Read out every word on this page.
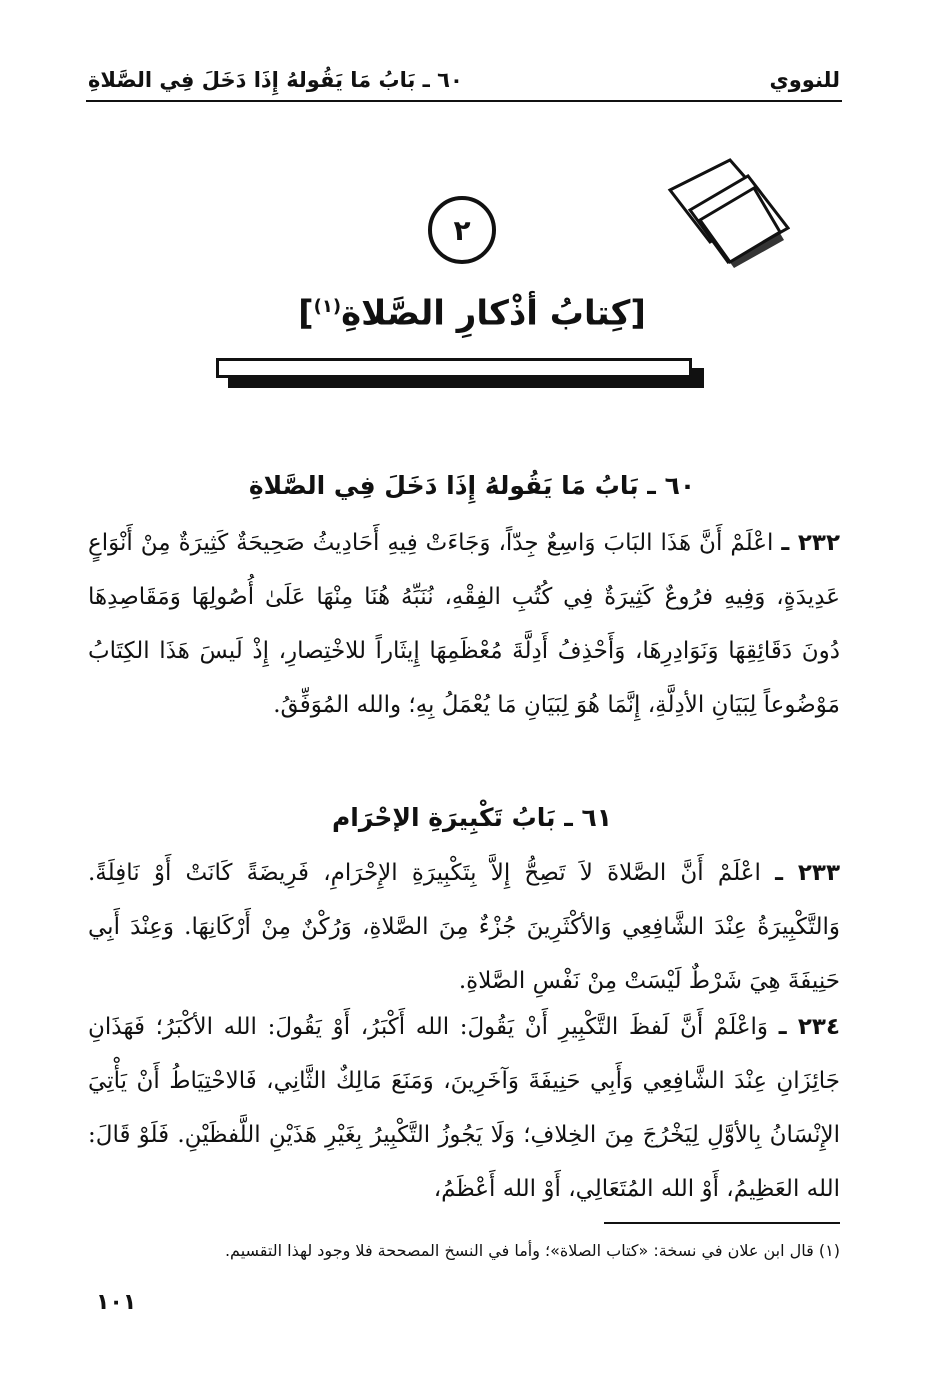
للنووي
٦٠ ـ بَابُ مَا يَقُولهُ إِذَا دَخَلَ فِي الصَّلاةِ
٢
[كِتابُ أذْكارِ الصَّلاةِ$^{(١)}$]
٦٠ ـ بَابُ مَا يَقُولهُ إِذَا دَخَلَ فِي الصَّلاةِ
٢٣٢ ـ اعْلَمْ أَنَّ هَذَا البَابَ وَاسِعٌ جِدّاً، وَجَاءَتْ فِيهِ أَحَادِيثُ صَحِيحَةٌ كَثِيرَةٌ مِنْ أَنْوَاعٍ عَدِيدَةٍ، وَفِيهِ فرُوعٌ كَثِيرَةٌ فِي كُتُبِ الفِقْهِ، نُنَبِّهُ هُنَا مِنْهَا عَلَىٰ أُصُولِهَا وَمَقَاصِدِهَا دُونَ دَقَائِقِهَا وَنَوَادِرِهَا، وَأَحْذِفُ أَدِلَّةَ مُعْظَمِهَا إِيثَاراً للاخْتِصارِ، إِذْ لَيسَ هَذَا الكِتَابُ مَوْضُوعاً لِبَيَانِ الأدِلَّةِ، إِنَّمَا هُوَ لِبَيَانِ مَا يُعْمَلُ بِهِ؛ والله المُوَفِّقُ.
٦١ ـ بَابُ تَكْبِيرَةِ الإحْرَام
٢٣٣ ـ اعْلَمْ أَنَّ الصَّلاةَ لاَ تَصِحُّ إِلاَّ بِتَكْبِيرَةِ الإِحْرَامِ، فَرِيضَةً كَانَتْ أَوْ نَافِلَةً. وَالتَّكْبِيرَةُ عِنْدَ الشَّافِعِي وَالأكْثَرِينَ جُزْءٌ مِنَ الصَّلاةِ، وَرُكْنٌ مِنْ أَرْكَانِهَا. وَعِنْدَ أَبِي حَنِيفَةَ هِيَ شَرْطٌ لَيْسَتْ مِنْ نَفْسِ الصَّلاةِ.
٢٣٤ ـ وَاعْلَمْ أَنَّ لَفظَ التَّكْبِيرِ أَنْ يَقُولَ: الله أَكْبَرُ، أَوْ يَقُولَ: الله الأكْبَرُ؛ فَهَذَانِ جَائِزَانِ عِنْدَ الشَّافِعِي وَأَبِي حَنِيفَةَ وَآخَرِينَ، وَمَنَعَ مَالِكٌ الثَّانِي، فَالاحْتِيَاطُ أَنْ يَأْتِيَ الإِنْسَانُ بِالأوَّلِ لِيَخْرُجَ مِنَ الخِلافِ؛ وَلَا يَجُوزُ التَّكْبِيرُ بِغَيْرِ هَذَيْنِ اللَّفظَيْنِ. فَلَوْ قَالَ: الله العَظِيمُ، أَوْ الله المُتَعَالِي، أَوْ الله أَعْظَمُ،
(١) قال ابن علان في نسخة: «كتاب الصلاة»؛ وأما في النسخ المصححة فلا وجود لهذا التقسيم.
١٠١
